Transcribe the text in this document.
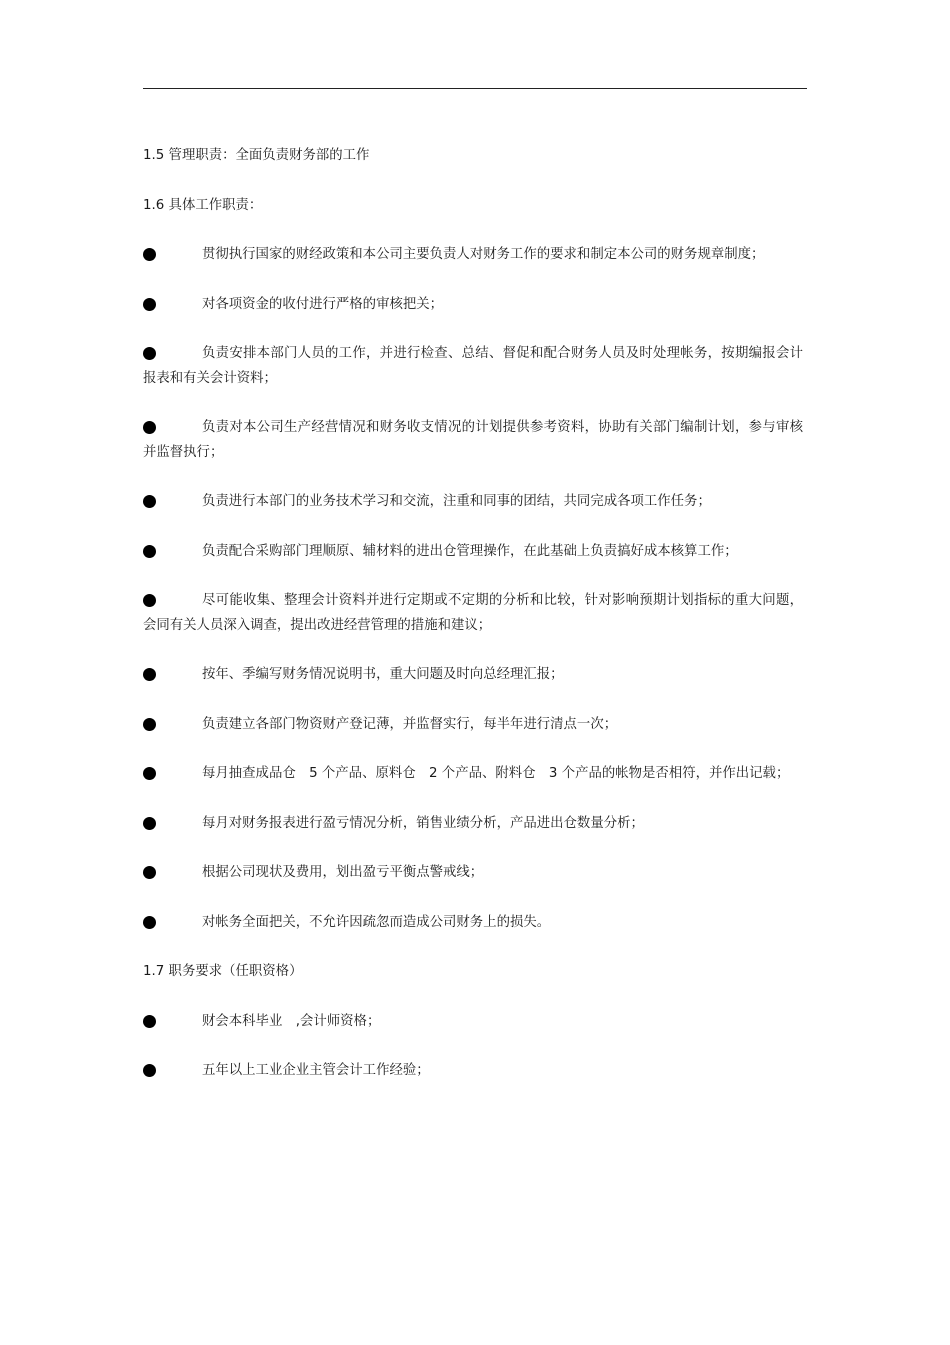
1.5 管理职责：全面负责财务部的工作
1.6 具体工作职责：
贯彻执行国家的财经政策和本公司主要负责人对财务工作的要求和制定本公司的财务规章制度；
对各项资金的收付进行严格的审核把关；
负责安排本部门人员的工作，并进行检查、总结、督促和配合财务人员及时处理帐务，按期编报会计报表和有关会计资料；
负责对本公司生产经营情况和财务收支情况的计划提供参考资料，协助有关部门编制计划，参与审核并监督执行；
负责进行本部门的业务技术学习和交流，注重和同事的团结，共同完成各项工作任务；
负责配合采购部门理顺原、辅材料的进出仓管理操作，在此基础上负责搞好成本核算工作；
尽可能收集、整理会计资料并进行定期或不定期的分析和比较，针对影响预期计划指标的重大问题，会同有关人员深入调查，提出改进经营管理的措施和建议；
按年、季编写财务情况说明书，重大问题及时向总经理汇报；
负责建立各部门物资财产登记薄，并监督实行，每半年进行清点一次；
每月抽查成品仓　5 个产品、原料仓　2 个产品、附料仓　3 个产品的帐物是否相符，并作出记载；
每月对财务报表进行盈亏情况分析，销售业绩分析，产品进出仓数量分析；
根据公司现状及费用，划出盈亏平衡点警戒线；
对帐务全面把关，不允许因疏忽而造成公司财务上的损失。
1.7 职务要求（任职资格）
财会本科毕业　,会计师资格；
五年以上工业企业主管会计工作经验；
